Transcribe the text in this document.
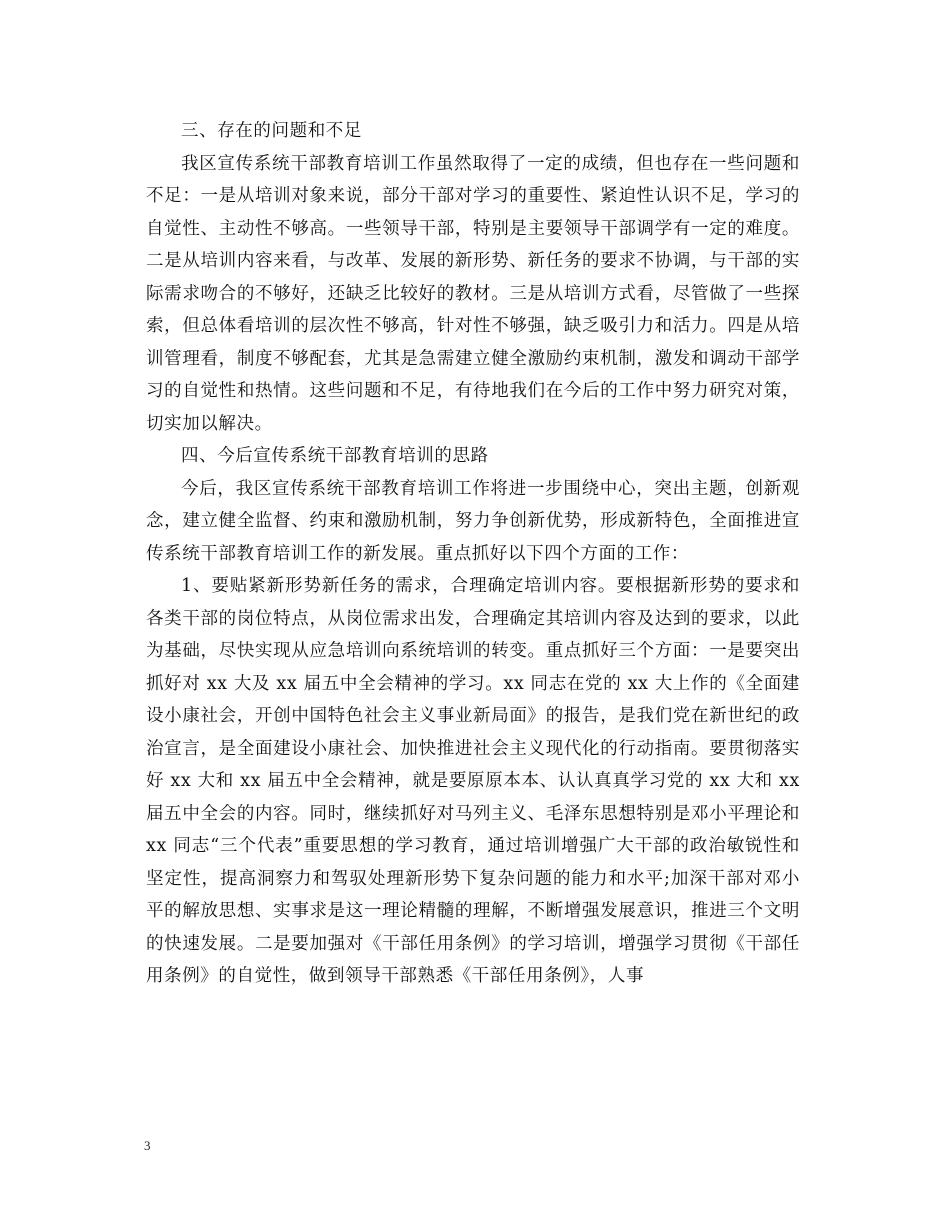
三、存在的问题和不足

我区宣传系统干部教育培训工作虽然取得了一定的成绩，但也存在一些问题和不足：一是从培训对象来说，部分干部对学习的重要性、紧迫性认识不足，学习的自觉性、主动性不够高。一些领导干部，特别是主要领导干部调学有一定的难度。二是从培训内容来看，与改革、发展的新形势、新任务的要求不协调，与干部的实际需求吻合的不够好，还缺乏比较好的教材。三是从培训方式看，尽管做了一些探索，但总体看培训的层次性不够高，针对性不够强，缺乏吸引力和活力。四是从培训管理看，制度不够配套，尤其是急需建立健全激励约束机制，激发和调动干部学习的自觉性和热情。这些问题和不足，有待地我们在今后的工作中努力研究对策，切实加以解决。

四、今后宣传系统干部教育培训的思路

今后，我区宣传系统干部教育培训工作将进一步围绕中心，突出主题，创新观念，建立健全监督、约束和激励机制，努力争创新优势，形成新特色，全面推进宣传系统干部教育培训工作的新发展。重点抓好以下四个方面的工作：

1、要贴紧新形势新任务的需求，合理确定培训内容。要根据新形势的要求和各类干部的岗位特点，从岗位需求出发，合理确定其培训内容及达到的要求，以此为基础，尽快实现从应急培训向系统培训的转变。重点抓好三个方面：一是要突出抓好对 xx 大及 xx 届五中全会精神的学习。xx 同志在党的 xx 大上作的《全面建设小康社会，开创中国特色社会主义事业新局面》的报告，是我们党在新世纪的政治宣言，是全面建设小康社会、加快推进社会主义现代化的行动指南。要贯彻落实好 xx 大和 xx 届五中全会精神，就是要原原本本、认认真真学习党的 xx 大和 xx 届五中全会的内容。同时，继续抓好对马列主义、毛泽东思想特别是邓小平理论和 xx 同志“三个代表”重要思想的学习教育，通过培训增强广大干部的政治敏锐性和坚定性，提高洞察力和驾驭处理新形势下复杂问题的能力和水平;加深干部对邓小平的解放思想、实事求是这一理论精髓的理解，不断增强发展意识，推进三个文明的快速发展。二是要加强对《干部任用条例》的学习培训，增强学习贯彻《干部任用条例》的自觉性，做到领导干部熟悉《干部任用条例》，人事

3
